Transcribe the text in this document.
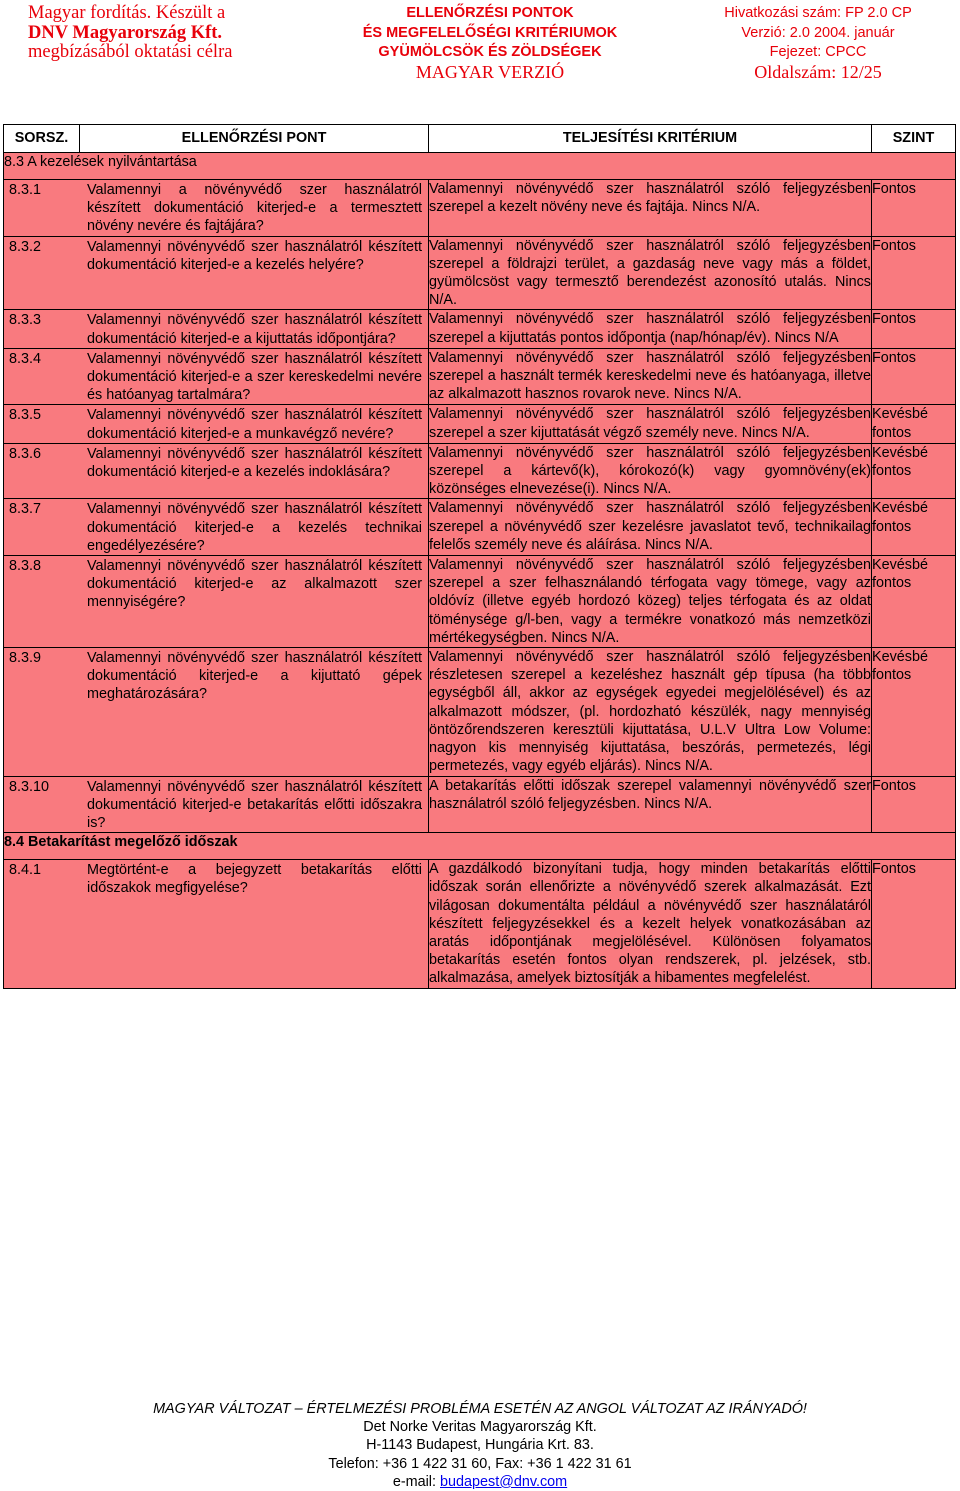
Magyar fordítás. Készült a
DNV Magyarország Kft.
megbízásából oktatási célra
ELLENŐRZÉSI PONTOK
ÉS MEGFELELŐSÉGI KRITÉRIUMOK
GYÜMÖLCSÖK ÉS ZÖLDSÉGEK
MAGYAR VERZIÓ
Hivatkozási szám: FP 2.0 CP
Verzió: 2.0 2004. január
Fejezet: CPCC
Oldalszám: 12/25
SORSZ.	ELLENŐRZÉSI PONT	TELJESÍTÉSI KRITÉRIUM	SZINT
8.3 A kezelések nyilvántartása			

8.3.1 Valamennyi a növényvédő szer használatról készített dokumentáció kiterjed-e a termesztett növény nevére és fajtájára?		Valamennyi növényvédő szer használatról szóló feljegyzésben szerepel a kezelt növény neve és fajtája. Nincs N/A.	Fontos

8.3.2 Valamennyi növényvédő szer használatról készített dokumentáció kiterjed-e a kezelés helyére?		Valamennyi növényvédő szer használatról szóló feljegyzésben szerepel a földrajzi terület, a gazdaság neve vagy más a földet, gyümölcsöst vagy termesztő berendezést azonosító utalás. Nincs N/A.	Fontos

8.3.3 Valamennyi növényvédő szer használatról készített dokumentáció kiterjed-e a kijuttatás időpontjára?		Valamennyi növényvédő szer használatról szóló feljegyzésben szerepel a kijuttatás pontos időpontja (nap/hónap/év). Nincs N/A	Fontos

8.3.4 Valamennyi növényvédő szer használatról készített dokumentáció kiterjed-e a szer kereskedelmi nevére és hatóanyag tartalmára?		Valamennyi növényvédő szer használatról szóló feljegyzésben szerepel a használt termék kereskedelmi neve és hatóanyaga, illetve az alkalmazott hasznos rovarok neve. Nincs N/A.	Fontos

8.3.5 Valamennyi növényvédő szer használatról készített dokumentáció kiterjed-e a munkavégző nevére?		Valamennyi növényvédő szer használatról szóló feljegyzésben szerepel a szer kijuttatását végző személy neve. Nincs N/A.	Kevésbé fontos

8.3.6 Valamennyi növényvédő szer használatról készített dokumentáció kiterjed-e a kezelés indoklására?		Valamennyi növényvédő szer használatról szóló feljegyzésben szerepel a kártevő(k), kórokozó(k) vagy gyomnövény(ek) közönséges elnevezése(i). Nincs N/A.	Kevésbé fontos

8.3.7 Valamennyi növényvédő szer használatról készített dokumentáció kiterjed-e a kezelés technikai engedélyezésére?		Valamennyi növényvédő szer használatról szóló feljegyzésben szerepel a növényvédő szer kezelésre javaslatot tevő, technikailag felelős személy neve és aláírása. Nincs N/A.	Kevésbé fontos

8.3.8 Valamennyi növényvédő szer használatról készített dokumentáció kiterjed-e az alkalmazott szer mennyiségére?		Valamennyi növényvédő szer használatról szóló feljegyzésben szerepel a szer felhasználandó térfogata vagy tömege, vagy az oldóvíz (illetve egyéb hordozó közeg) teljes térfogata és az oldat töménysége g/l-ben, vagy a termékre vonatkozó más nemzetközi mértékegységben. Nincs N/A.	Kevésbé fontos

8.3.9 Valamennyi növényvédő szer használatról készített dokumentáció kiterjed-e a kijuttató gépek meghatározására?		Valamennyi növényvédő szer használatról szóló feljegyzésben részletesen szerepel a kezeléshez használt gép típusa (ha több egységből áll, akkor az egységek egyedei megjelölésével) és az alkalmazott módszer, (pl. hordozható készülék, nagy mennyiség öntözőrendszeren keresztüli kijuttatása, U.L.V Ultra Low Volume: nagyon kis mennyiség kijuttatása, beszórás, permetezés, légi permetezés, vagy egyéb eljárás). Nincs N/A.	Kevésbé fontos

8.3.10 Valamennyi növényvédő szer használatról készített dokumentáció kiterjed-e betakarítás előtti időszakra is?		A betakarítás előtti időszak szerepel valamennyi növényvédő szer használatról szóló feljegyzésben. Nincs N/A.	Fontos
8.4 Betakarítást megelőző időszak			

8.4.1 Megtörtént-e a bejegyzett betakarítás előtti időszakok megfigyelése?		A gazdálkodó bizonyítani tudja, hogy minden betakarítás előtti időszak során ellenőrizte a növényvédő szerek alkalmazását. Ezt világosan dokumentálta például a növényvédő szer használatáról készített feljegyzésekkel és a kezelt helyek vonatkozásában az aratás időpontjának megjelölésével. Különösen folyamatos betakarítás esetén fontos olyan rendszerek, pl. jelzések, stb. alkalmazása, amelyek biztosítják a hibamentes megfelelést.	Fontos
MAGYAR VÁLTOZAT – ÉRTELMEZÉSI PROBLÉMA ESETÉN AZ ANGOL VÁLTOZAT AZ IRÁNYADÓ!
Det Norke Veritas Magyarország Kft.
H-1143 Budapest, Hungária Krt. 83.
Telefon: +36 1 422 31 60, Fax: +36 1 422 31 61
e-mail: budapest@dnv.com
